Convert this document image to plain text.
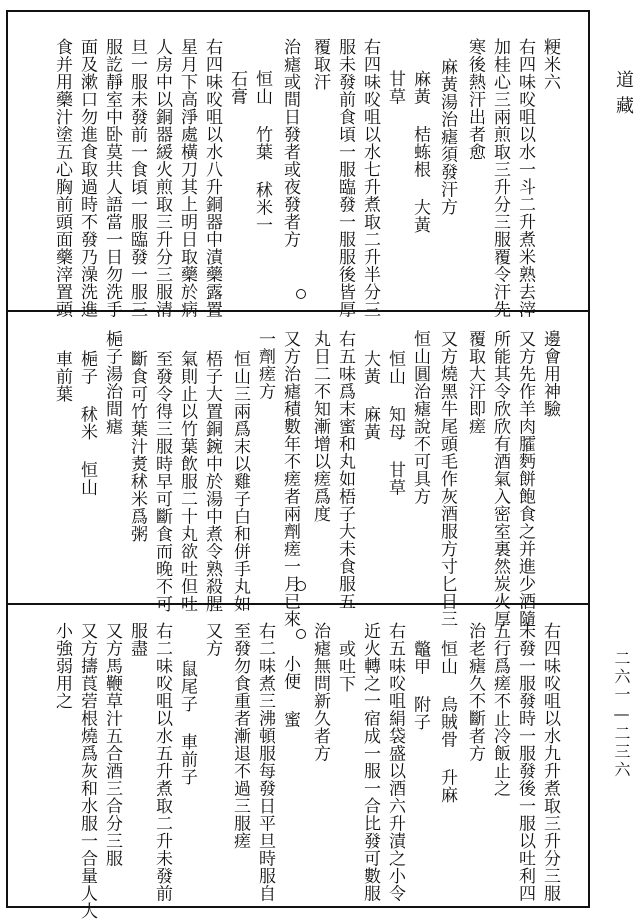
道藏
二六一—二三六
粳米六
右四味㕮咀以水一斗二升煮米熟去滓
加桂心三兩煎取三升分三服覆令汗先
寒後熱汗出者愈
麻黃湯治瘧須發汗方
麻黃 桔𬟽根 大黃
甘草
右四味㕮咀以水七升煮取二升半分三
服未發前食頃一服臨發一服服後皆厚
覆取汗
治瘧或間日發者或夜發者方
恒山 竹葉 秫米一
石膏
右四味㕮咀以水八升銅器中漬藥露置
星月下高淨處橫刀其上明日取藥於病
人房中以銅器緩火煎取三升分三服清
旦一服未發前一食頃一服臨發一服三
服訖靜室中卧莫共人語當一日勿洗手
面及漱口勿進食取過時不發乃澡洗進
食并用藥汁塗五心胸前頭面藥滓置頭
邊會用神驗
又方先作羊肉臛麪餅飽食之并進少酒隨
所能其令欣欣有酒氣入密室裏然炭火厚
覆取大汗即瘥
又方燒黑牛尾頭毛作灰酒服方寸匕日三
恒山圓治瘧說不可具方
恒山 知母 甘草
大黃 麻黃
右五味爲末蜜和丸如梧子大未食服五
丸日二不知漸增以瘥爲度
又方治瘧積數年不瘥者兩劑瘥一月已來
一劑瘥方
恒山三兩爲末以雞子白和併手丸如
梧子大置銅鋺中於湯中煮令熟殺腥
氣則止以竹葉飲服二十丸欲吐但吐
至發令得三服時早可斷食而晚不可
斷食可竹葉汁煑秫米爲粥
梔子湯治間瘧
梔子 秫米 恒山
車前葉
右四味㕮咀以水九升煮取三升分三服
未發一服發時一服發後一服以吐利四
五行爲瘥不止冷飯止之
治老瘧久不斷者方
恒山 烏賊骨 升麻
鼈甲 附子
右五味㕮咀絹袋盛以酒六升漬之小令
近火轉之一宿成一服一合比發可數服
或吐下
治瘧無問新久者方
小便 蜜
右二味煮三沸頓服每發日平旦時服自
至發勿食重者漸退不過三服瘥
又方
鼠尾子 車前子
右二味㕮咀以水五升煮取二升未發前
服盡
又方馬鞭草汁五合酒三合分三服
又方擣莨菪根燒爲灰和水服一合量人大
小強弱用之
